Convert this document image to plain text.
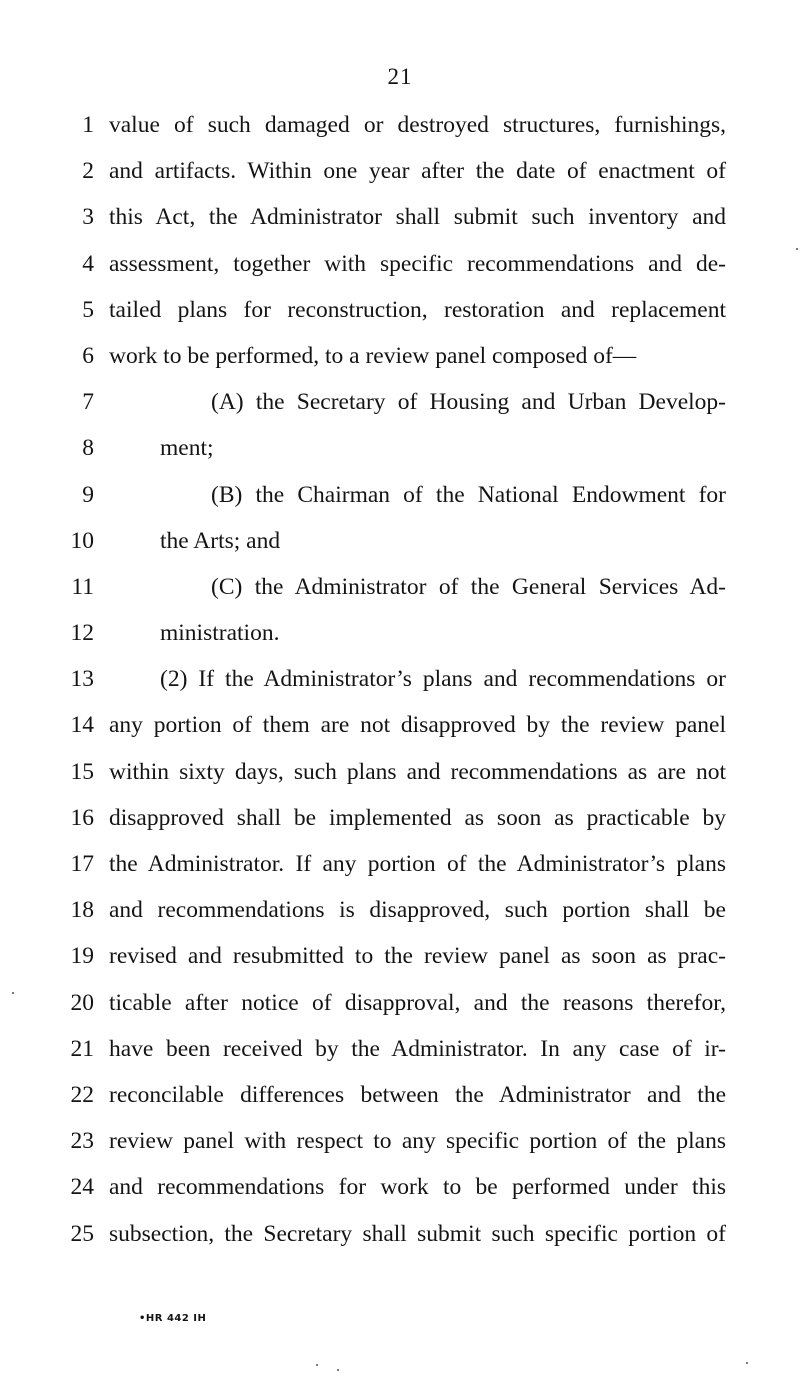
21
1 value of such damaged or destroyed structures, furnishings,
2 and artifacts. Within one year after the date of enactment of
3 this Act, the Administrator shall submit such inventory and
4 assessment, together with specific recommendations and de-
5 tailed plans for reconstruction, restoration and replacement
6 work to be performed, to a review panel composed of—
7	(A) the Secretary of Housing and Urban Develop-
8	ment;
9	(B) the Chairman of the National Endowment for
10	the Arts; and
11	(C) the Administrator of the General Services Ad-
12	ministration.
13	(2) If the Administrator’s plans and recommendations or
14 any portion of them are not disapproved by the review panel
15 within sixty days, such plans and recommendations as are not
16 disapproved shall be implemented as soon as practicable by
17 the Administrator. If any portion of the Administrator’s plans
18 and recommendations is disapproved, such portion shall be
19 revised and resubmitted to the review panel as soon as prac-
20 ticable after notice of disapproval, and the reasons therefor,
21 have been received by the Administrator. In any case of ir-
22 reconcilable differences between the Administrator and the
23 review panel with respect to any specific portion of the plans
24 and recommendations for work to be performed under this
25 subsection, the Secretary shall submit such specific portion of
•HR 442 IH
